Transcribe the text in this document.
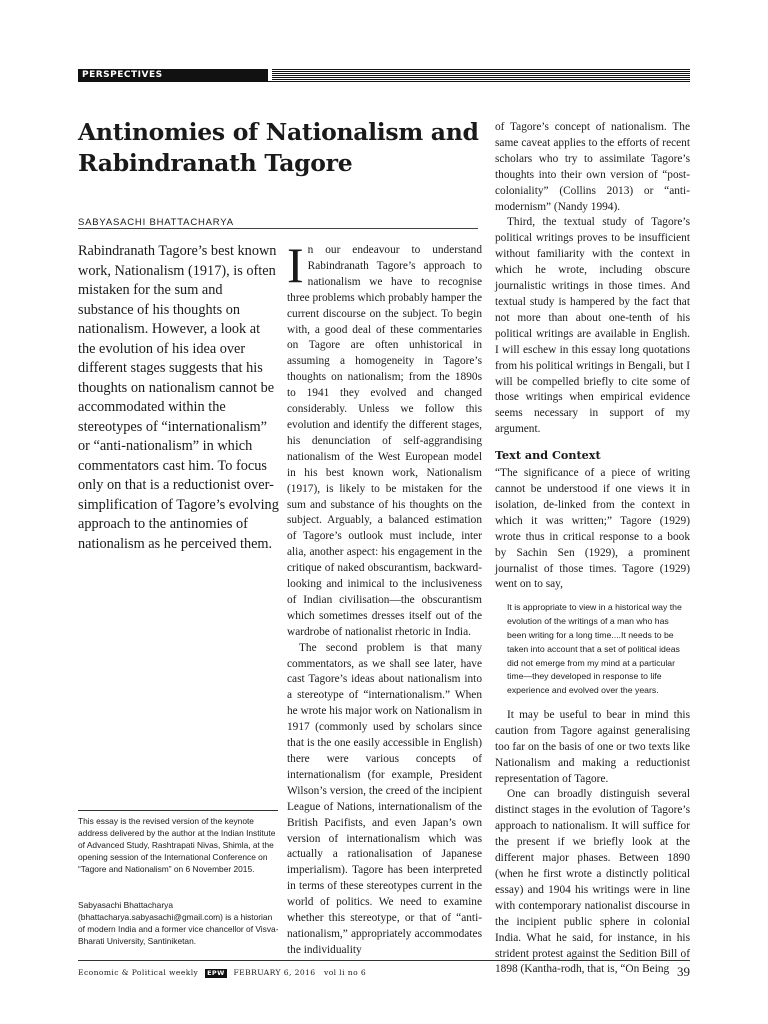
PERSPECTIVES
Antinomies of Nationalism and Rabindranath Tagore
SABYASACHI BHATTACHARYA
Rabindranath Tagore’s best known work, Nationalism (1917), is often mistaken for the sum and substance of his thoughts on nationalism. However, a look at the evolution of his idea over different stages suggests that his thoughts on nationalism cannot be accommodated within the stereotypes of “internationalism” or “anti-nationalism” in which commentators cast him. To focus only on that is a reductionist over-simplification of Tagore’s evolving approach to the antinomies of nationalism as he perceived them.
This essay is the revised version of the keynote address delivered by the author at the Indian Institute of Advanced Study, Rashtrapati Nivas, Shimla, at the opening session of the International Conference on “Tagore and Nationalism” on 6 November 2015.
Sabyasachi Bhattacharya (bhattacharya.sabyasachi@gmail.com) is a historian of modern India and a former vice chancellor of Visva-Bharati University, Santiniketan.

In our endeavour to understand Rabindranath Tagore’s approach to nationalism we have to recognise three problems which probably hamper the current discourse on the subject. To begin with, a good deal of these commentaries on Tagore are often unhistorical in assuming a homogeneity in Tagore’s thoughts on nationalism; from the 1890s to 1941 they evolved and changed considerably. Unless we follow this evolution and identify the different stages, his denunciation of self-aggrandising nationalism of the West European model in his best known work, Nationalism (1917), is likely to be mistaken for the sum and substance of his thoughts on the subject. Arguably, a balanced estimation of Tagore’s outlook must include, inter alia, another aspect: his engagement in the critique of naked obscurantism, backward-looking and inimical to the inclusiveness of Indian civilisation—the obscurantism which sometimes dresses itself out of the wardrobe of nationalist rhetoric in India.

The second problem is that many commentators, as we shall see later, have cast Tagore’s ideas about nationalism into a stereotype of “internationalism.” When he wrote his major work on Nationalism in 1917 (commonly used by scholars since that is the one easily accessible in English) there were various concepts of internationalism (for example, President Wilson’s version, the creed of the incipient League of Nations, internationalism of the British Pacifists, and even Japan’s own version of internationalism which was actually a rationalisation of Japanese imperialism). Tagore has been interpreted in terms of these stereotypes current in the world of politics. We need to examine whether this stereotype, or that of “anti-nationalism,” appropriately accommodates the individuality

of Tagore’s concept of nationalism. The same caveat applies to the efforts of recent scholars who try to assimilate Tagore’s thoughts into their own version of “post-coloniality” (Collins 2013) or “anti-modernism” (Nandy 1994).

Third, the textual study of Tagore’s political writings proves to be insufficient without familiarity with the context in which he wrote, including obscure journalistic writings in those times. And textual study is hampered by the fact that not more than about one-tenth of his political writings are available in English. I will eschew in this essay long quotations from his political writings in Bengali, but I will be compelled briefly to cite some of those writings when empirical evidence seems necessary in support of my argument.

Text and Context

“The significance of a piece of writing cannot be understood if one views it in isolation, de-linked from the context in which it was written;” Tagore (1929) wrote thus in critical response to a book by Sachin Sen (1929), a prominent journalist of those times. Tagore (1929) went on to say,

It is appropriate to view in a historical way the evolution of the writings of a man who has been writing for a long time....It needs to be taken into account that a set of political ideas did not emerge from my mind at a particular time—they developed in response to life experience and evolved over the years.

It may be useful to bear in mind this caution from Tagore against generalising too far on the basis of one or two texts like Nationalism and making a reductionist representation of Tagore.

One can broadly distinguish several distinct stages in the evolution of Tagore’s approach to nationalism. It will suffice for the present if we briefly look at the different major phases. Between 1890 (when he first wrote a distinctly political essay) and 1904 his writings were in line with contemporary nationalist discourse in the incipient public sphere in colonial India. What he said, for instance, in his strident protest against the Sedition Bill of 1898 (Kantha-rodh, that is, “On Being

Economic & Political weekly EPW FEBRUARY 6, 2016 vol li no 6	39
